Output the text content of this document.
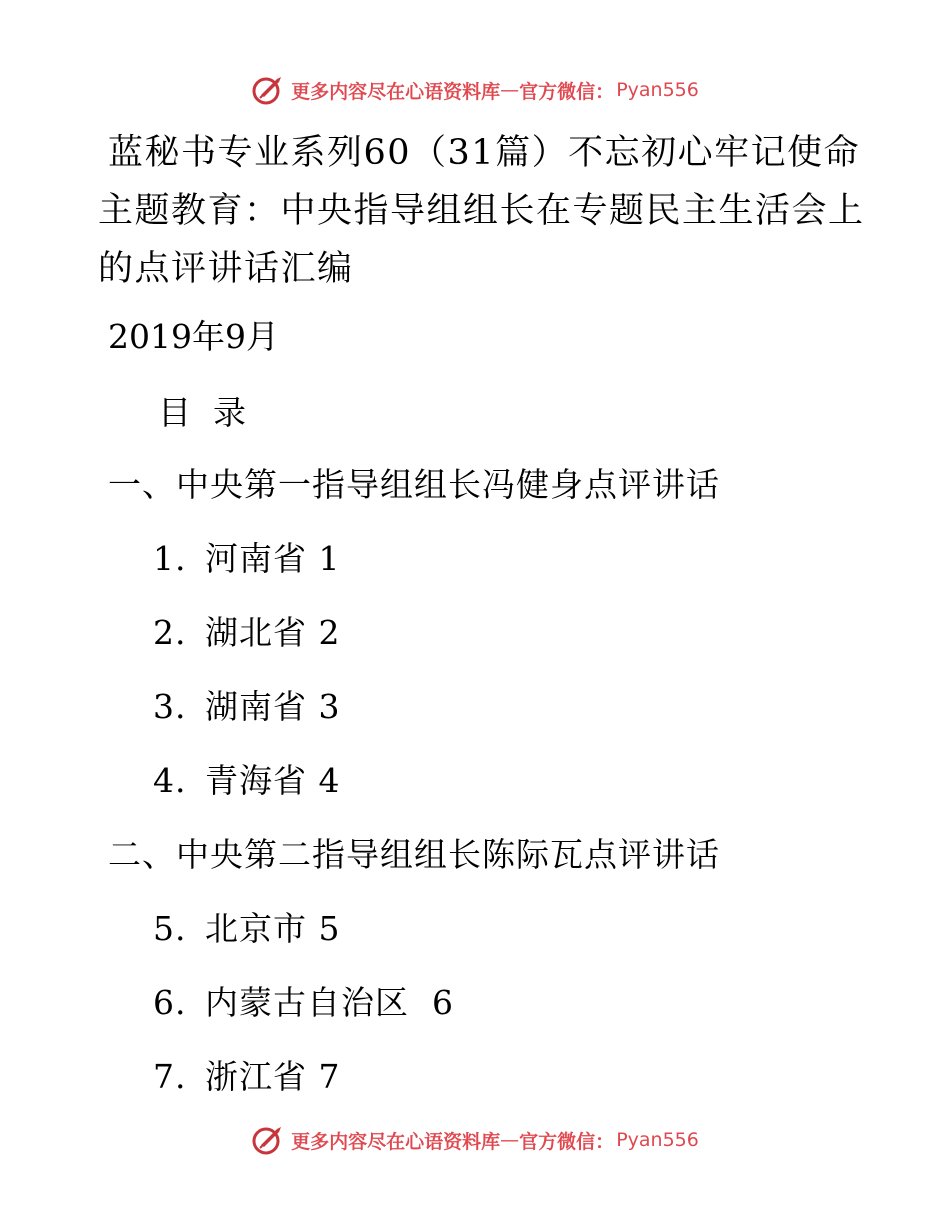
更多内容尽在心语资料库 — 官方微信： Pyan556
蓝秘书专业系列60（31篇）不忘初心牢记使命主题教育：中央指导组组长在专题民主生活会上的点评讲话汇编
2019年9月
目录
一、中央第一指导组组长冯健身点评讲话
1. 河南省 1
2. 湖北省 2
3. 湖南省 3
4. 青海省 4
二、中央第二指导组组长陈际瓦点评讲话
5. 北京市 5
6. 内蒙古自治区  6
7. 浙江省 7
更多内容尽在心语资料库 — 官方微信： Pyan556
